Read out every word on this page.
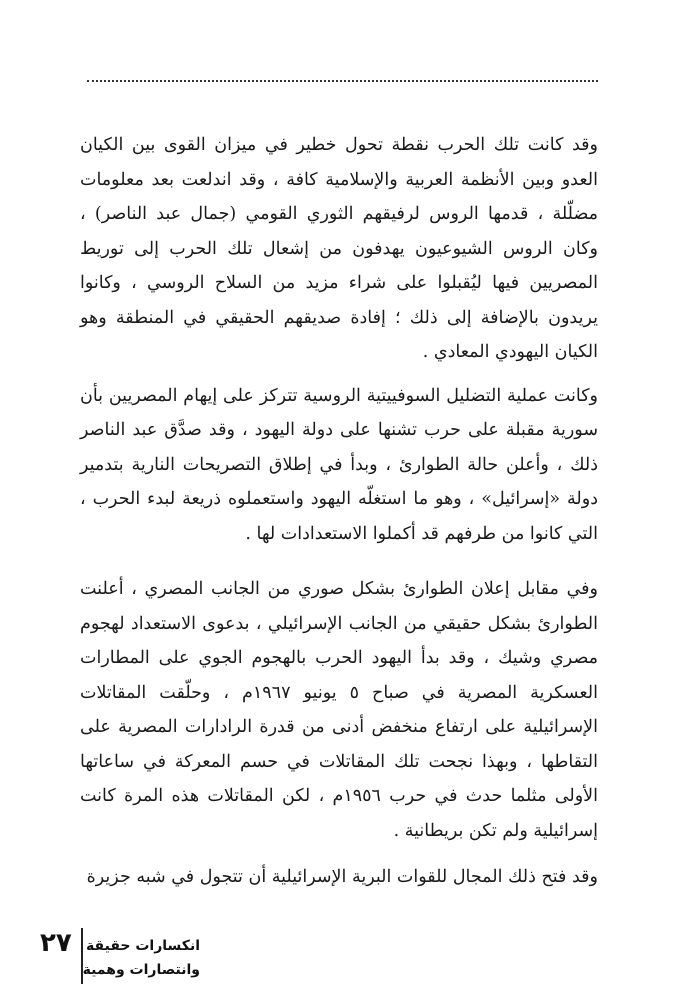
وقد كانت تلك الحرب نقطة تحول خطير في ميزان القوى بين الكيان العدو وبين الأنظمة العربية والإسلامية كافة ، وقد اندلعت بعد معلومات مضلّلة ، قدمها الروس لرفيقهم الثوري القومي (جمال عبد الناصر) ، وكان الروس الشيوعيون يهدفون من إشعال تلك الحرب إلى توريط المصريين فيها ليُقبلوا على شراء مزيد من السلاح الروسي ، وكانوا يريدون بالإضافة إلى ذلك ؛ إفادة صديقهم الحقيقي في المنطقة وهو الكيان اليهودي المعادي .

وكانت عملية التضليل السوفييتية الروسية تتركز على إيهام المصريين بأن سورية مقبلة على حرب تشنها على دولة اليهود ، وقد صدَّق عبد الناصر ذلك ، وأعلن حالة الطوارئ ، وبدأ في إطلاق التصريحات النارية بتدمير دولة «إسرائيل» ، وهو ما استغلّه اليهود واستعملوه ذريعة لبدء الحرب ، التي كانوا من طرفهم قد أكملوا الاستعدادات لها .

وفي مقابل إعلان الطوارئ بشكل صوري من الجانب المصري ، أعلنت الطوارئ بشكل حقيقي من الجانب الإسرائيلي ، بدعوى الاستعداد لهجوم مصري وشيك ، وقد بدأ اليهود الحرب بالهجوم الجوي على المطارات العسكرية المصرية في صباح ٥ يونيو ١٩٦٧م ، وحلّقت المقاتلات الإسرائيلية على ارتفاع منخفض أدنى من قدرة الرادارات المصرية على التقاطها ، وبهذا نجحت تلك المقاتلات في حسم المعركة في ساعاتها الأولى مثلما حدث في حرب ١٩٥٦م ، لكن المقاتلات هذه المرة كانت إسرائيلية ولم تكن بريطانية .

وقد فتح ذلك المجال للقوات البرية الإسرائيلية أن تتجول في شبه جزيرة

٢٧ انكسارات حقيقة
وانتصارات وهمية
